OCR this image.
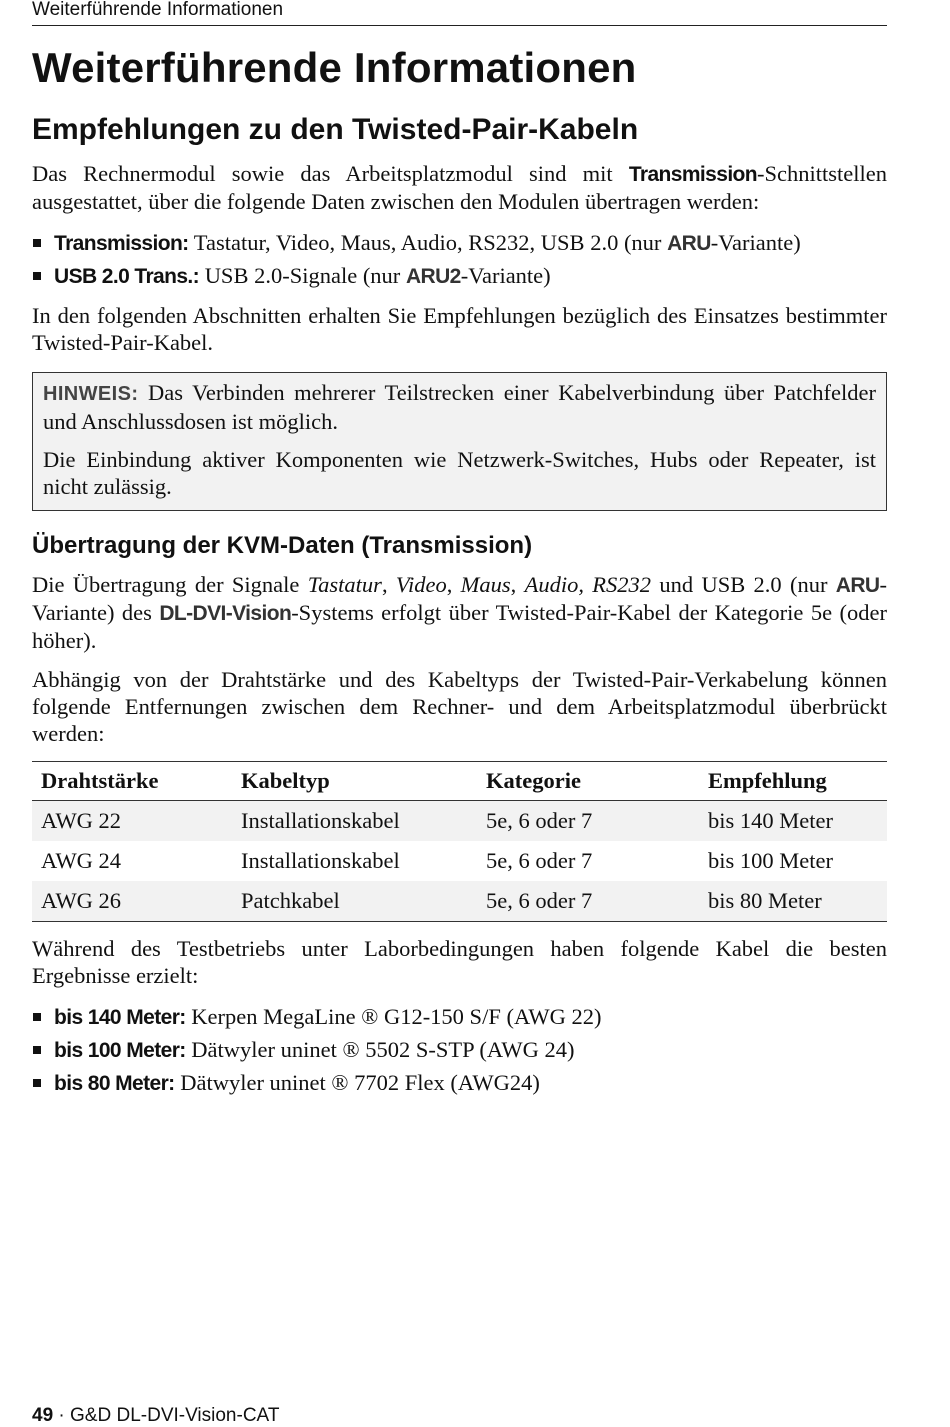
Weiterführende Informationen
Weiterführende Informationen
Empfehlungen zu den Twisted-Pair-Kabeln

Das Rechnermodul sowie das Arbeitsplatzmodul sind mit Transmission-Schnittstellen ausgestattet, über die folgende Daten zwischen den Modulen übertragen werden:

Transmission: Tastatur, Video, Maus, Audio, RS232, USB 2.0 (nur ARU-Variante)
USB 2.0 Trans.: USB 2.0-Signale (nur ARU2-Variante)

In den folgenden Abschnitten erhalten Sie Empfehlungen bezüglich des Einsatzes bestimmter Twisted-Pair-Kabel.

HINWEIS: Das Verbinden mehrerer Teilstrecken einer Kabelverbindung über Patchfelder und Anschlussdosen ist möglich.

Die Einbindung aktiver Komponenten wie Netzwerk-Switches, Hubs oder Repeater, ist nicht zulässig.

Übertragung der KVM-Daten (Transmission)

Die Übertragung der Signale Tastatur, Video, Maus, Audio, RS232 und USB 2.0 (nur ARU-Variante) des DL-DVI-Vision-Systems erfolgt über Twisted-Pair-Kabel der Kategorie 5e (oder höher).

Abhängig von der Drahtstärke und des Kabeltyps der Twisted-Pair-Verkabelung können folgende Entfernungen zwischen dem Rechner- und dem Arbeitsplatzmodul überbrückt werden:

Drahtstärke	Kabeltyp	Kategorie	Empfehlung
AWG 22	Installationskabel	5e, 6 oder 7	bis 140 Meter
AWG 24	Installationskabel	5e, 6 oder 7	bis 100 Meter
AWG 26	Patchkabel	5e, 6 oder 7	bis 80 Meter

Während des Testbetriebs unter Laborbedingungen haben folgende Kabel die besten Ergebnisse erzielt:

bis 140 Meter: Kerpen MegaLine ® G12-150 S/F (AWG 22)
bis 100 Meter: Dätwyler uninet ® 5502 S-STP (AWG 24)
bis 80 Meter: Dätwyler uninet ® 7702 Flex (AWG24)
49 · G&D DL-DVI-Vision-CAT
